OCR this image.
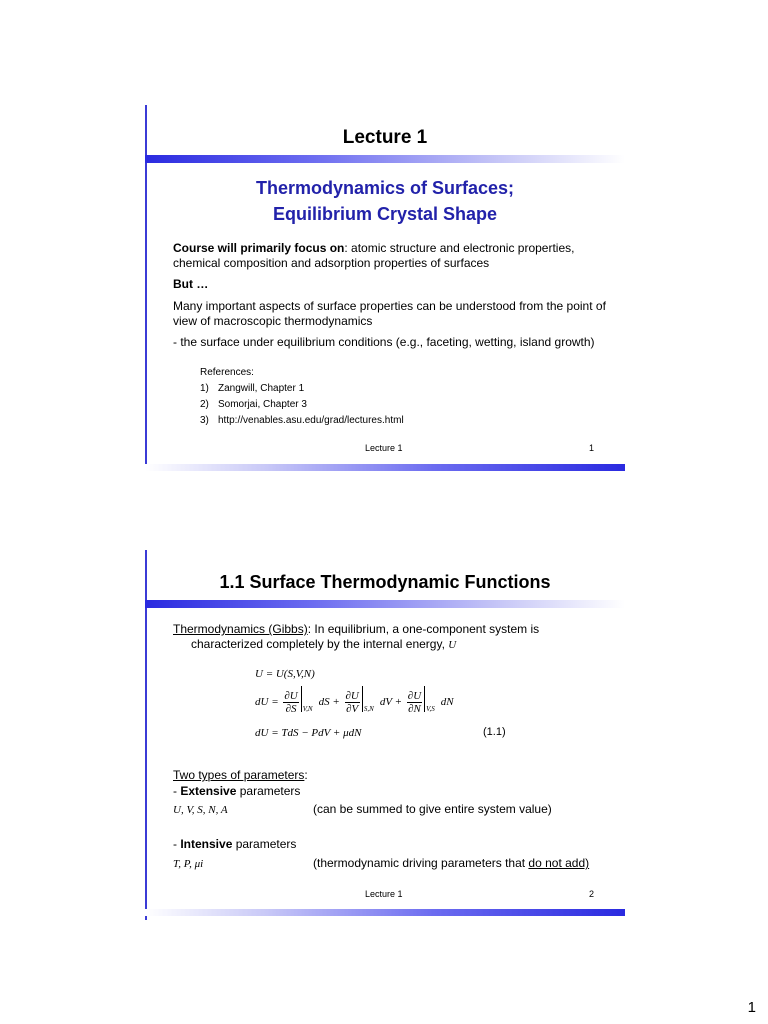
Lecture 1
Thermodynamics of Surfaces;
Equilibrium Crystal Shape
Course will primarily focus on: atomic structure and electronic properties, chemical composition and adsorption properties of surfaces
But …
Many important aspects of surface properties can be understood from the point of view of macroscopic thermodynamics
- the surface under equilibrium conditions (e.g., faceting, wetting, island growth)
References:
1) Zangwill, Chapter 1
2) Somorjai, Chapter 3
3) http://venables.asu.edu/grad/lectures.html
Lecture 1	1
1.1 Surface Thermodynamic Functions
Thermodynamics (Gibbs): In equilibrium, a one-component system is
characterized completely by the internal energy, U
U = U(S,V,N)
dU = $\frac{\partial U}{\partial S} V,NdS + \frac{\partial U}{\partial V} S,NdV + \frac{\partial U}{\partial N} V,SdN$
dU = TdS − PdV + μdN	(1.1)
Two types of parameters:
- Extensive parameters
U, V, S, N, A	(can be summed to give entire system value)
- Intensive parameters
T, P, μi	(thermodynamic driving parameters that do not add)
Lecture 1	2
1
